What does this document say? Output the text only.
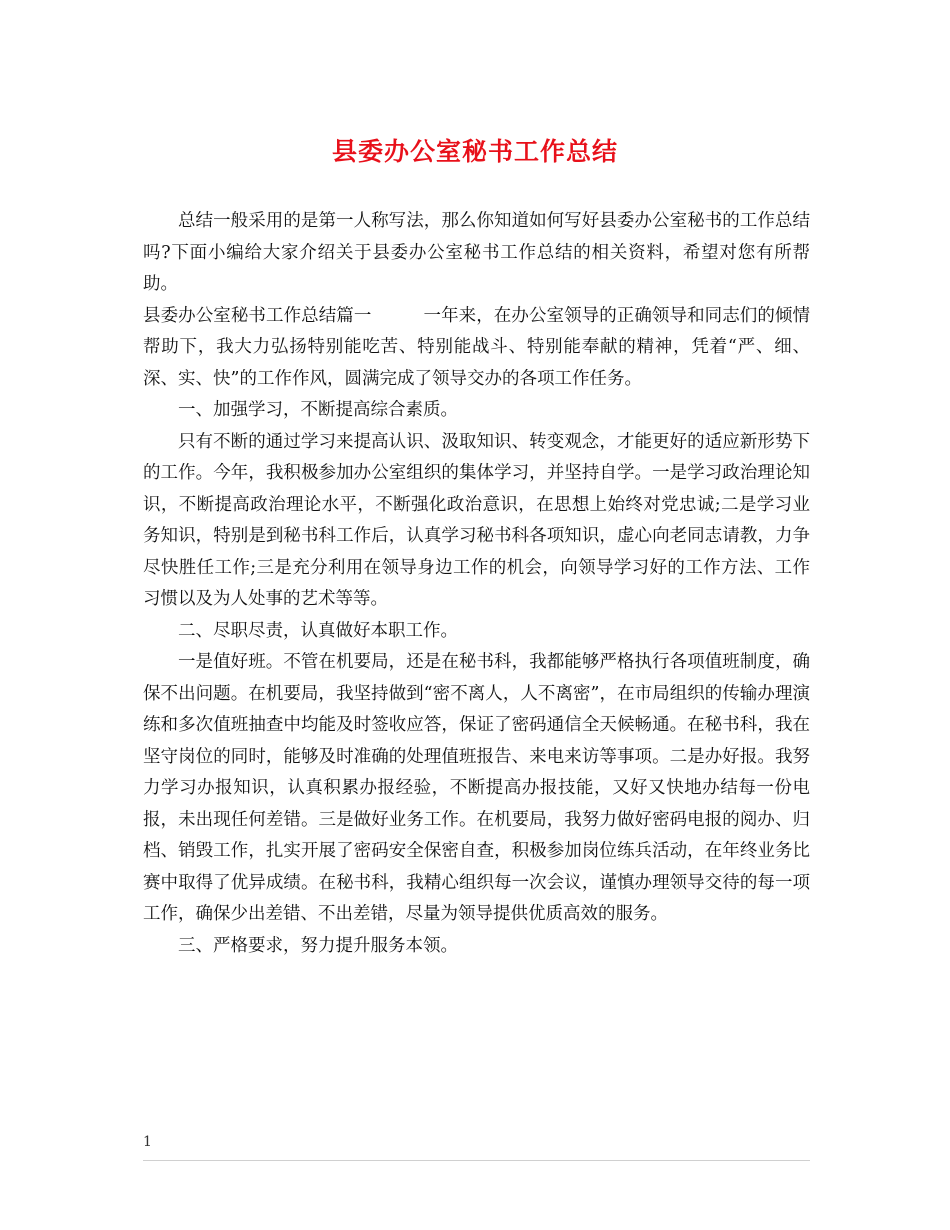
县委办公室秘书工作总结

总结一般采用的是第一人称写法，那么你知道如何写好县委办公室秘书的工作总结吗?下面小编给大家介绍关于县委办公室秘书工作总结的相关资料，希望对您有所帮助。

县委办公室秘书工作总结篇一	一年来，在办公室领导的正确领导和同志们的倾情帮助下，我大力弘扬特别能吃苦、特别能战斗、特别能奉献的精神，凭着“严、细、深、实、快”的工作作风，圆满完成了领导交办的各项工作任务。

一、加强学习，不断提高综合素质。

只有不断的通过学习来提高认识、汲取知识、转变观念，才能更好的适应新形势下的工作。今年，我积极参加办公室组织的集体学习，并坚持自学。一是学习政治理论知识，不断提高政治理论水平，不断强化政治意识，在思想上始终对党忠诚;二是学习业务知识，特别是到秘书科工作后，认真学习秘书科各项知识，虚心向老同志请教，力争尽快胜任工作;三是充分利用在领导身边工作的机会，向领导学习好的工作方法、工作习惯以及为人处事的艺术等等。

二、尽职尽责，认真做好本职工作。

一是值好班。不管在机要局，还是在秘书科，我都能够严格执行各项值班制度，确保不出问题。在机要局，我坚持做到“密不离人，人不离密”，在市局组织的传输办理演练和多次值班抽查中均能及时签收应答，保证了密码通信全天候畅通。在秘书科，我在坚守岗位的同时，能够及时准确的处理值班报告、来电来访等事项。二是办好报。我努力学习办报知识，认真积累办报经验，不断提高办报技能，又好又快地办结每一份电报，未出现任何差错。三是做好业务工作。在机要局，我努力做好密码电报的阅办、归档、销毁工作，扎实开展了密码安全保密自查，积极参加岗位练兵活动，在年终业务比赛中取得了优异成绩。在秘书科，我精心组织每一次会议，谨慎办理领导交待的每一项工作，确保少出差错、不出差错，尽量为领导提供优质高效的服务。

三、严格要求，努力提升服务本领。

1
